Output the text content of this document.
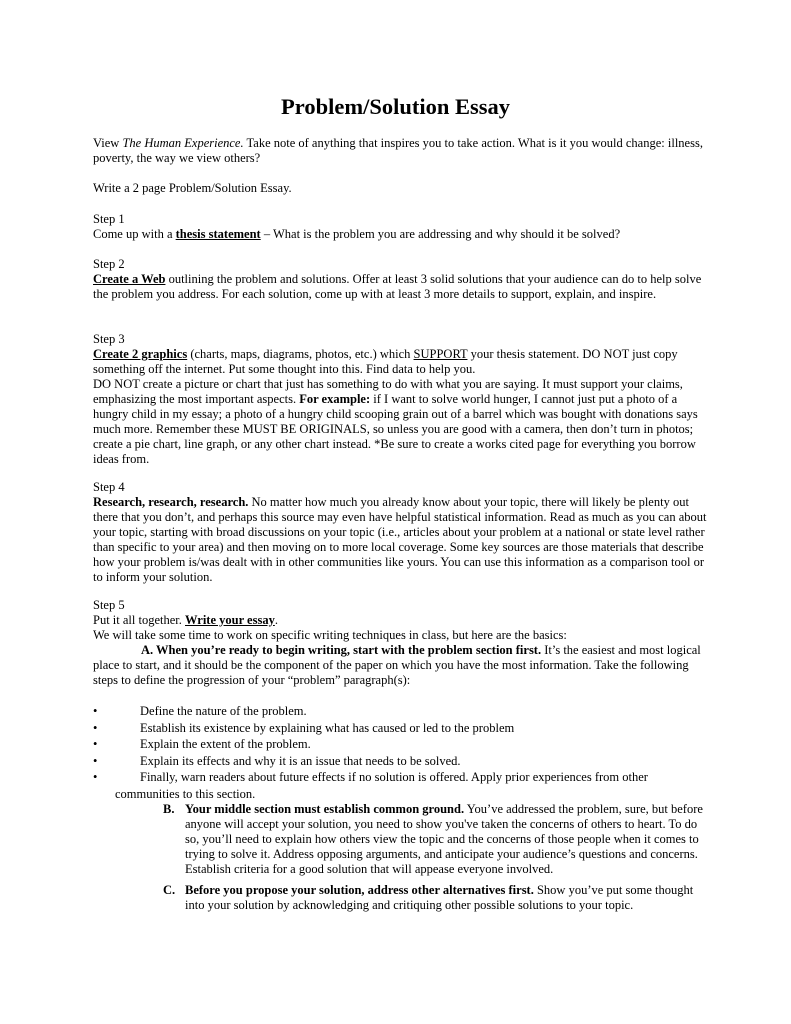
Problem/Solution Essay
View The Human Experience. Take note of anything that inspires you to take action. What is it you would change: illness, poverty, the way we view others?
Write a 2 page Problem/Solution Essay.
Step 1
Come up with a thesis statement – What is the problem you are addressing and why should it be solved?
Step 2
Create a Web outlining the problem and solutions. Offer at least 3 solid solutions that your audience can do to help solve the problem you address. For each solution, come up with at least 3 more details to support, explain, and inspire.
Step 3
Create 2 graphics (charts, maps, diagrams, photos, etc.) which SUPPORT your thesis statement. DO NOT just copy something off the internet. Put some thought into this. Find data to help you.
DO NOT create a picture or chart that just has something to do with what you are saying. It must support your claims, emphasizing the most important aspects. For example: if I want to solve world hunger, I cannot just put a photo of a hungry child in my essay; a photo of a hungry child scooping grain out of a barrel which was bought with donations says much more. Remember these MUST BE ORIGINALS, so unless you are good with a camera, then don’t turn in photos; create a pie chart, line graph, or any other chart instead. *Be sure to create a works cited page for everything you borrow ideas from.
Step 4
Research, research, research. No matter how much you already know about your topic, there will likely be plenty out there that you don’t, and perhaps this source may even have helpful statistical information. Read as much as you can about your topic, starting with broad discussions on your topic (i.e., articles about your problem at a national or state level rather than specific to your area) and then moving on to more local coverage. Some key sources are those materials that describe how your problem is/was dealt with in other communities like yours. You can use this information as a comparison tool or to inform your solution.
Step 5
Put it all together. Write your essay.
We will take some time to work on specific writing techniques in class, but here are the basics:
A. When you’re ready to begin writing, start with the problem section first. It’s the easiest and most logical place to start, and it should be the component of the paper on which you have the most information. Take the following steps to define the progression of your “problem” paragraph(s):
•	Define the nature of the problem.
•	Establish its existence by explaining what has caused or led to the problem
•	Explain the extent of the problem.
•	Explain its effects and why it is an issue that needs to be solved.
•	Finally, warn readers about future effects if no solution is offered. Apply prior experiences from other
communities to this section.
B. Your middle section must establish common ground. You’ve addressed the problem, sure, but before anyone will accept your solution, you need to show you've taken the concerns of others to heart. To do so, you’ll need to explain how others view the topic and the concerns of those people when it comes to trying to solve it. Address opposing arguments, and anticipate your audience’s questions and concerns. Establish criteria for a good solution that will appease everyone involved.
C. Before you propose your solution, address other alternatives first. Show you’ve put some thought into your solution by acknowledging and critiquing other possible solutions to your topic.
